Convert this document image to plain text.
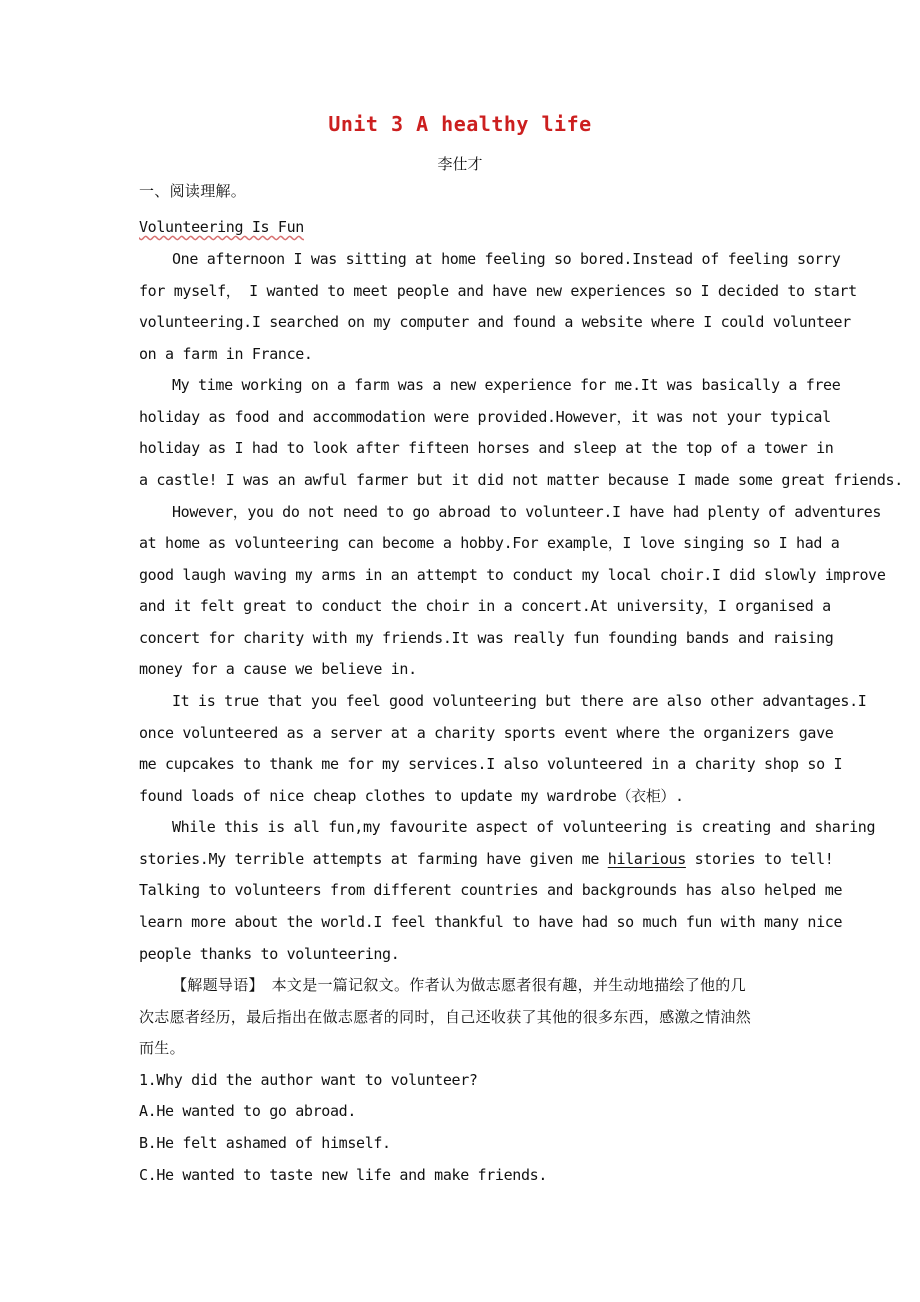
Unit 3 A healthy life
李仕才
一、阅读理解。
Volunteering Is Fun
One afternoon I was sitting at home feeling so bored.Instead of feeling sorry
for myself， I wanted to meet people and have new experiences so I decided to start
volunteering.I searched on my computer and found a website where I could volunteer
on a farm in France.
My time working on a farm was a new experience for me.It was basically a free
holiday as food and accommodation were provided.However，it was not your typical
holiday as I had to look after fifteen horses and sleep at the top of a tower in
a castle! I was an awful farmer but it did not matter because I made some great friends.
However，you do not need to go abroad to volunteer.I have had plenty of adventures
at home as volunteering can become a hobby.For example，I love singing so I had a
good laugh waving my arms in an attempt to conduct my local choir.I did slowly improve
and it felt great to conduct the choir in a concert.At university，I organised a
concert for charity with my friends.It was really fun founding bands and raising
money for a cause we believe in.
It is true that you feel good volunteering but there are also other advantages.I
once volunteered as a server at a charity sports event where the organizers gave
me cupcakes to thank me for my services.I also volunteered in a charity shop so I
found loads of nice cheap clothes to update my wardrobe（衣柜）.
While this is all fun,my favourite aspect of volunteering is creating and sharing
stories.My terrible attempts at farming have given me hilarious stories to tell!
Talking to volunteers from different countries and backgrounds has also helped me
learn more about the world.I feel thankful to have had so much fun with many nice
people thanks to volunteering.
【解题导语】　本文是一篇记叙文。作者认为做志愿者很有趣，并生动地描绘了他的几
次志愿者经历，最后指出在做志愿者的同时，自己还收获了其他的很多东西，感激之情油然
而生。
1.Why did the author want to volunteer?
A.He wanted to go abroad.
B.He felt ashamed of himself.
C.He wanted to taste new life and make friends.
